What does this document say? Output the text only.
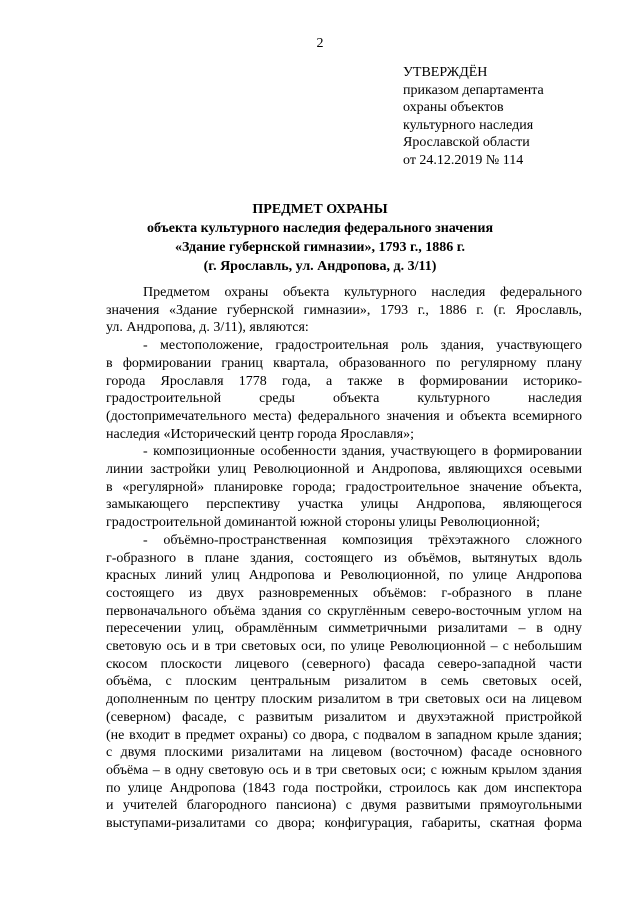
2
УТВЕРЖДЁН
приказом департамента
охраны объектов
культурного наследия
Ярославской области
от 24.12.2019 № 114
ПРЕДМЕТ ОХРАНЫ
объекта культурного наследия федерального значения
«Здание губернской гимназии», 1793 г., 1886 г.
(г. Ярославль, ул. Андропова, д. 3/11)
Предметом охраны объекта культурного наследия федерального
значения «Здание губернской гимназии», 1793 г., 1886 г. (г. Ярославль,
ул. Андропова, д. 3/11), являются:
- местоположение, градостроительная роль здания, участвующего
в формировании границ квартала, образованного по регулярному плану
города Ярославля 1778 года, а также в формировании историко-
градостроительной среды объекта культурного наследия
(достопримечательного места) федерального значения и объекта всемирного
наследия «Исторический центр города Ярославля»;
- композиционные особенности здания, участвующего в формировании
линии застройки улиц Революционной и Андропова, являющихся осевыми
в «регулярной» планировке города; градостроительное значение объекта,
замыкающего перспективу участка улицы Андропова, являющегося
градостроительной доминантой южной стороны улицы Революционной;
- объёмно-пространственная композиция трёхэтажного сложного
г-образного в плане здания, состоящего из объёмов, вытянутых вдоль
красных линий улиц Андропова и Революционной, по улице Андропова
состоящего из двух разновременных объёмов: г-образного в плане
первоначального объёма здания со скруглённым северо-восточным углом на
пересечении улиц, обрамлённым симметричными ризалитами – в одну
световую ось и в три световых оси, по улице Революционной – с небольшим
скосом плоскости лицевого (северного) фасада северо-западной части
объёма, с плоским центральным ризалитом в семь световых осей,
дополненным по центру плоским ризалитом в три световых оси на лицевом
(северном) фасаде, с развитым ризалитом и двухэтажной пристройкой
(не входит в предмет охраны) со двора, с подвалом в западном крыле здания;
с двумя плоскими ризалитами на лицевом (восточном) фасаде основного
объёма – в одну световую ось и в три световых оси; с южным крылом здания
по улице Андропова (1843 года постройки, строилось как дом инспектора
и учителей благородного пансиона) с двумя развитыми прямоугольными
выступами-ризалитами со двора; конфигурация, габариты, скатная форма
